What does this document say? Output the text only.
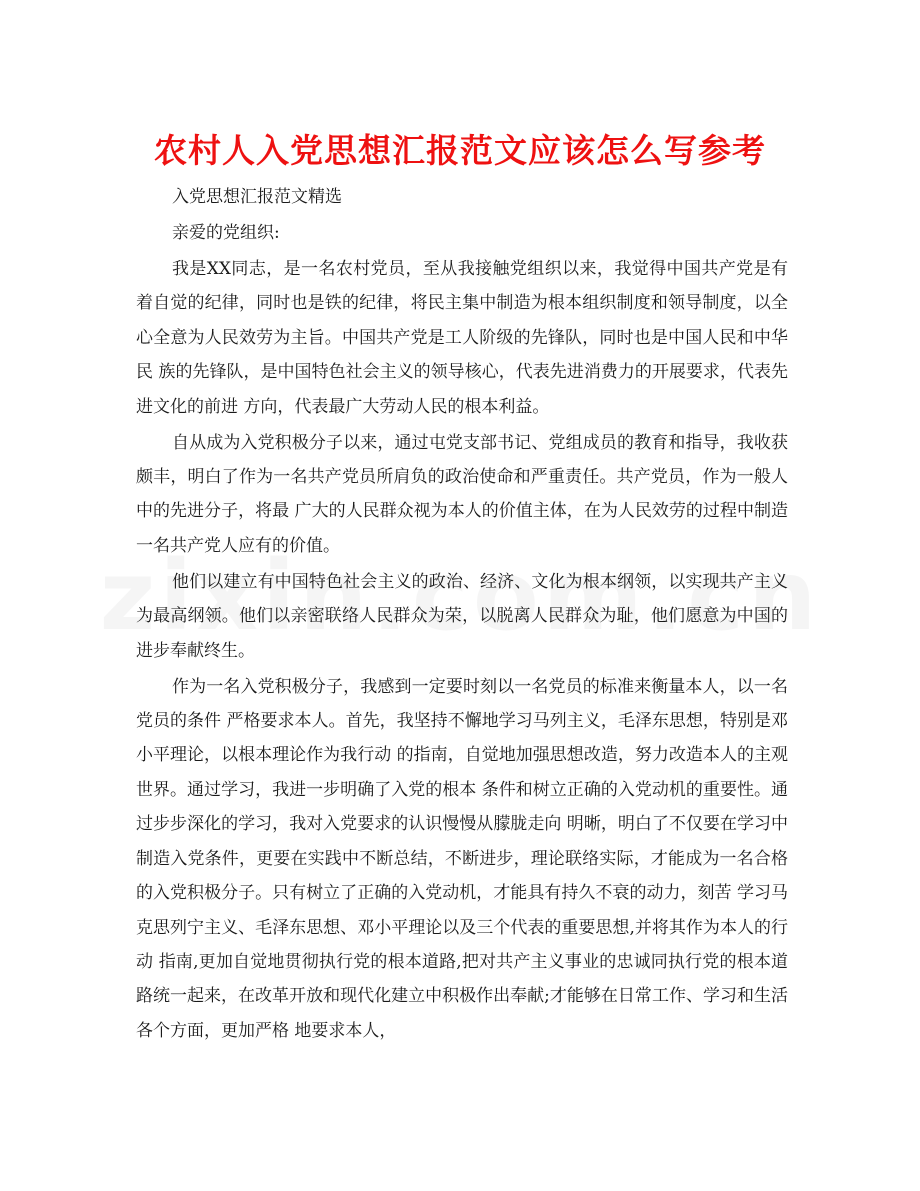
农村人入党思想汇报范文应该怎么写参考

入党思想汇报范文精选

亲爱的党组织:

我是XX同志，是一名农村党员，至从我接触党组织以来，我觉得中国共产党是有着自觉的纪律，同时也是铁的纪律，将民主集中制造为根本组织制度和领导制度，以全心全意为人民效劳为主旨。中国共产党是工人阶级的先锋队，同时也是中国人民和中华民 族的先锋队，是中国特色社会主义的领导核心，代表先进消费力的开展要求，代表先进文化的前进 方向，代表最广大劳动人民的根本利益。

自从成为入党积极分子以来，通过屯党支部书记、党组成员的教育和指导，我收获颇丰，明白了作为一名共产党员所肩负的政治使命和严重责任。共产党员，作为一般人中的先进分子，将最 广大的人民群众视为本人的价值主体，在为人民效劳的过程中制造一名共产党人应有的价值。

他们以建立有中国特色社会主义的政治、经济、文化为根本纲领，以实现共产主义为最高纲领。他们以亲密联络人民群众为荣，以脱离人民群众为耻，他们愿意为中国的进步奉献终生。

作为一名入党积极分子，我感到一定要时刻以一名党员的标准来衡量本人，以一名党员的条件 严格要求本人。首先，我坚持不懈地学习马列主义，毛泽东思想，特别是邓小平理论，以根本理论作为我行动 的指南，自觉地加强思想改造，努力改造本人的主观世界。通过学习，我进一步明确了入党的根本 条件和树立正确的入党动机的重要性。通过步步深化的学习，我对入党要求的认识慢慢从朦胧走向 明晰，明白了不仅要在学习中制造入党条件，更要在实践中不断总结，不断进步，理论联络实际，才能成为一名合格的入党积极分子。只有树立了正确的入党动机，才能具有持久不衰的动力，刻苦 学习马克思列宁主义、毛泽东思想、邓小平理论以及三个代表的重要思想,并将其作为本人的行动 指南,更加自觉地贯彻执行党的根本道路,把对共产主义事业的忠诚同执行党的根本道路统一起来，在改革开放和现代化建立中积极作出奉献;才能够在日常工作、学习和生活各个方面，更加严格 地要求本人，
